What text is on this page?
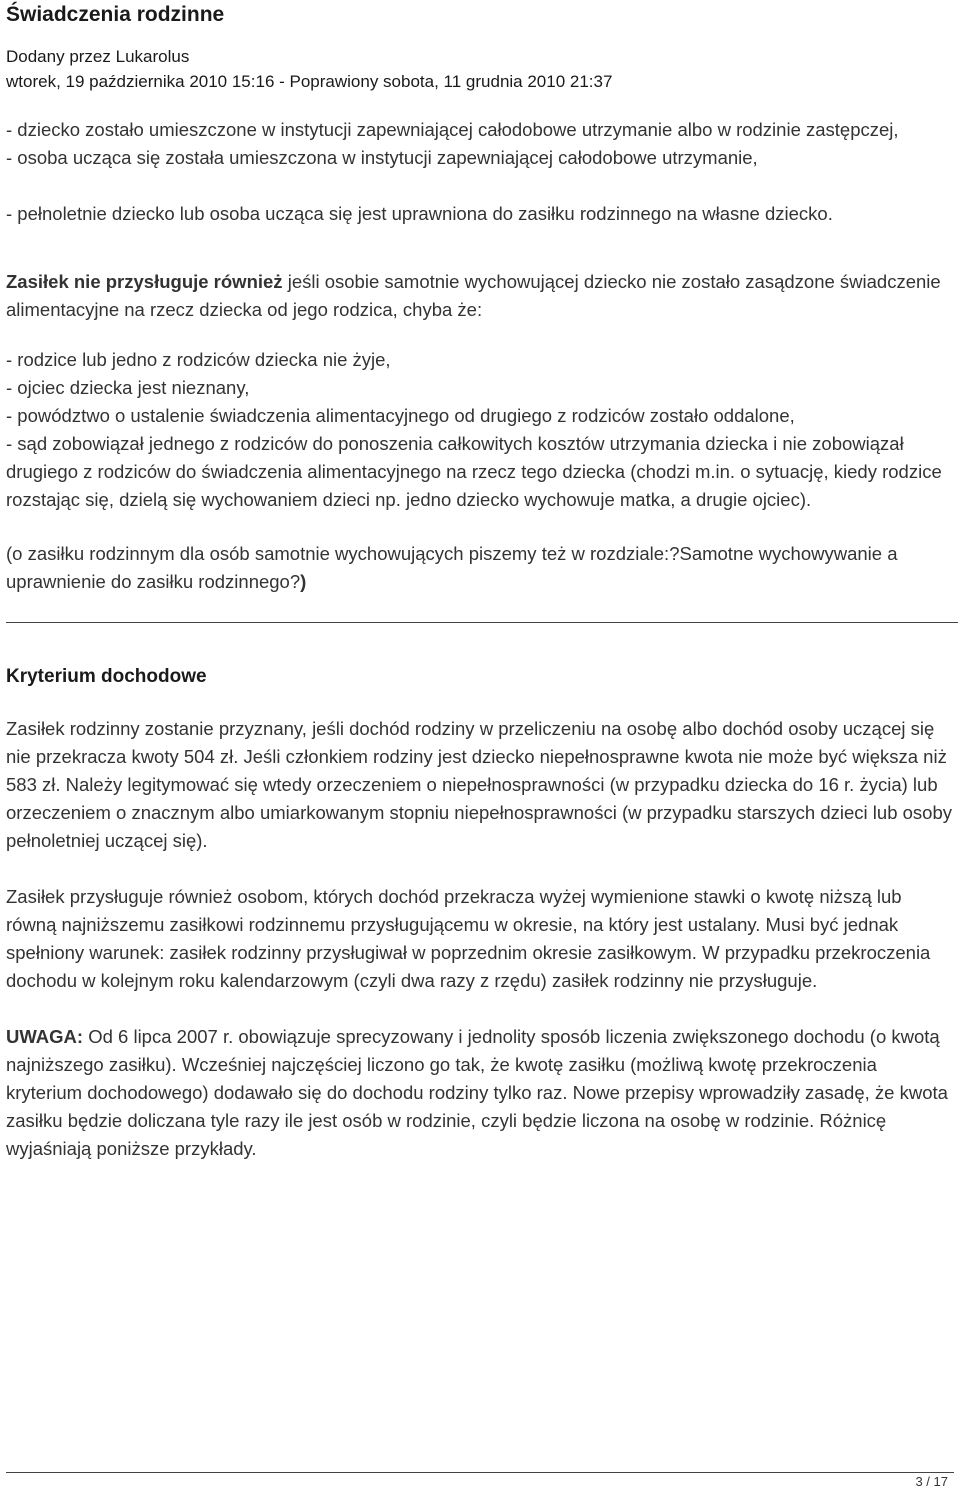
Świadczenia rodzinne
Dodany przez Lukarolus
wtorek, 19 października 2010 15:16 - Poprawiony sobota, 11 grudnia 2010 21:37

- dziecko zostało umieszczone w instytucji zapewniającej całodobowe utrzymanie albo w rodzinie zastępczej,

- osoba ucząca się została umieszczona w instytucji zapewniającej całodobowe utrzymanie,

- pełnoletnie dziecko lub osoba ucząca się jest uprawniona do zasiłku rodzinnego na własne dziecko.

Zasiłek nie przysługuje również jeśli osobie samotnie wychowującej dziecko nie zostało zasądzone świadczenie alimentacyjne na rzecz dziecka od jego rodzica, chyba że:

- rodzice lub jedno z rodziców dziecka nie żyje,

- ojciec dziecka jest nieznany,

- powództwo o ustalenie świadczenia alimentacyjnego od drugiego z rodziców zostało oddalone,

- sąd zobowiązał jednego z rodziców do ponoszenia całkowitych kosztów utrzymania dziecka i nie zobowiązał drugiego z rodziców do świadczenia alimentacyjnego na rzecz tego dziecka (chodzi m.in. o sytuację, kiedy rodzice rozstając się, dzielą się wychowaniem dzieci np. jedno dziecko wychowuje matka, a drugie ojciec).

(o zasiłku rodzinnym dla osób samotnie wychowujących piszemy też w rozdziale:?Samotne wychowywanie a uprawnienie do zasiłku rodzinnego?)

Kryterium dochodowe

Zasiłek rodzinny zostanie przyznany, jeśli dochód rodziny w przeliczeniu na osobę albo dochód osoby uczącej się nie przekracza kwoty 504 zł. Jeśli członkiem rodziny jest dziecko niepełnosprawne kwota nie może być większa niż 583 zł. Należy legitymować się wtedy orzeczeniem o niepełnosprawności (w przypadku dziecka do 16 r. życia) lub orzeczeniem o znacznym albo umiarkowanym stopniu niepełnosprawności (w przypadku starszych dzieci lub osoby pełnoletniej uczącej się).

Zasiłek przysługuje również osobom, których dochód przekracza wyżej wymienione stawki o kwotę niższą lub równą najniższemu zasiłkowi rodzinnemu przysługującemu w okresie, na który jest ustalany. Musi być jednak spełniony warunek: zasiłek rodzinny przysługiwał w poprzednim okresie zasiłkowym. W przypadku przekroczenia dochodu w kolejnym roku kalendarzowym (czyli dwa razy z rzędu) zasiłek rodzinny nie przysługuje.

UWAGA: Od 6 lipca 2007 r. obowiązuje sprecyzowany i jednolity sposób liczenia zwiększonego dochodu (o kwotą najniższego zasiłku). Wcześniej najczęściej liczono go tak, że kwotę zasiłku (możliwą kwotę przekroczenia kryterium dochodowego) dodawało się do dochodu rodziny tylko raz. Nowe przepisy wprowadziły zasadę, że kwota zasiłku będzie doliczana tyle razy ile jest osób w rodzinie, czyli będzie liczona na osobę w rodzinie. Różnicę wyjaśniają poniższe przykłady.

3 / 17
